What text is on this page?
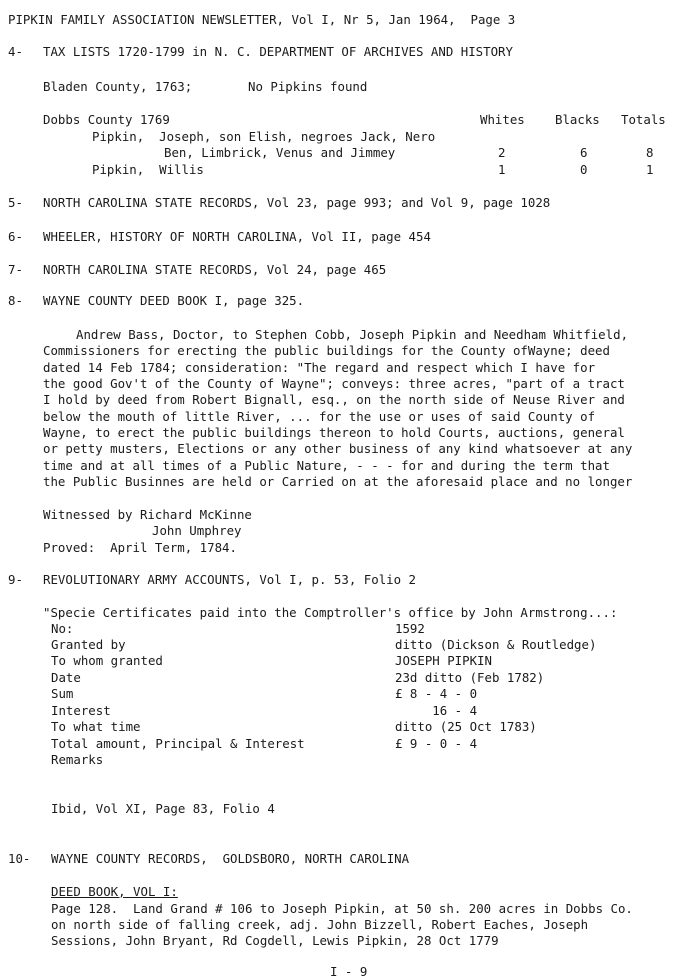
PIPKIN FAMILY ASSOCIATION NEWSLETTER, Vol I, Nr 5, Jan 1964,  Page 3
4- TAX LISTS 1720-1799 in N. C. DEPARTMENT OF ARCHIVES AND HISTORY
Bladen County, 1763;	No Pipkins found
Dobbs County 1769	Whites Blacks Totals
Pipkin,  Joseph, son Elish, negroes Jack, Nero
Ben, Limbrick, Venus and Jimmey	2	6	8
Pipkin,  Willis	1	0	1
5- NORTH CAROLINA STATE RECORDS, Vol 23, page 993; and Vol 9, page 1028
6- WHEELER, HISTORY OF NORTH CAROLINA, Vol II, page 454
7- NORTH CAROLINA STATE RECORDS, Vol 24, page 465
8- WAYNE COUNTY DEED BOOK I, page 325.
Andrew Bass, Doctor, to Stephen Cobb, Joseph Pipkin and Needham Whitfield,
Commissioners for erecting the public buildings for the County ofWayne; deed
dated 14 Feb 1784; consideration: "The regard and respect which I have for
the good Gov't of the County of Wayne"; conveys: three acres, "part of a tract
I hold by deed from Robert Bignall, esq., on the north side of Neuse River and
below the mouth of little River, ... for the use or uses of said County of
Wayne, to erect the public buildings thereon to hold Courts, auctions, general
or petty musters, Elections or any other business of any kind whatsoever at any
time and at all times of a Public Nature, - - - for and during the term that
the Public Businnes are held or Carried on at the aforesaid place and no longer
Witnessed by Richard McKinne
John Umphrey
Proved:  April Term, 1784.
9- REVOLUTIONARY ARMY ACCOUNTS, Vol I, p. 53, Folio 2
"Specie Certificates paid into the Comptroller's office by John Armstrong...:
No:	1592
Granted by	ditto (Dickson & Routledge)
To whom granted	JOSEPH PIPKIN
Date	23d ditto (Feb 1782)
Sum	£ 8 - 4 - 0
Interest	16 - 4
To what time	ditto (25 Oct 1783)
Total amount, Principal & Interest	£ 9 - 0 - 4
Remarks
Ibid, Vol XI, Page 83, Folio 4
10- WAYNE COUNTY RECORDS,  GOLDSBORO, NORTH CAROLINA
DEED BOOK, VOL I:
Page 128.  Land Grand # 106 to Joseph Pipkin, at 50 sh. 200 acres in Dobbs Co.
on north side of falling creek, adj. John Bizzell, Robert Eaches, Joseph
Sessions, John Bryant, Rd Cogdell, Lewis Pipkin, 28 Oct 1779
I - 9
